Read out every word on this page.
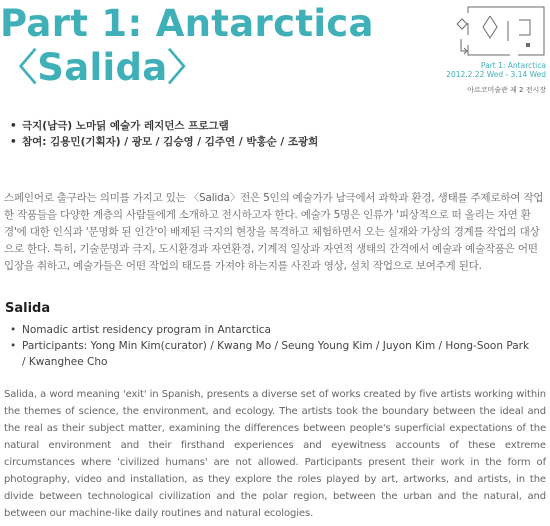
Part 1: Antarctica
〈Salida〉	Part 1: Antarctica
2012.2.22 Wed - 3.14 Wed
아르코미술관 제 2 전시장
• 극지(남극) 노마딝 예술가 레지던스 프로그램
• 참여: 김용민(기획자) / 광모 / 김승영 / 김주연 / 박홍순 / 조광희

스페인어로 출구라는 의미를 가지고 있는 〈Salida〉전은 5인의 예술가가 남극에서 과학과 환경, 생태를 주제로하여 작업한 작품들을 다양한 계층의 사람들에게 소개하고 전시하고자 한다. 예술가 5명은 인류가 '피상적으로 떠 올리는 자연 환경'에 대한 인식과 '문명화 된 인간'이 배제된 극지의 현장을 목격하고 체험하면서 오는 실재와 가상의 경계를 작업의 대상으로 한다. 특히, 기술문명과 극지, 도시환경과 자연환경, 기계적 일상과 자연적 생태의 간격에서 예술과 예술작품은 어떤 입장을 취하고, 예술가들은 어떤 작업의 태도를 가져야 하는지를 사진과 영상, 설치 작업으로 보여주게 된다.

Salida
• Nomadic artist residency program in Antarctica
• Participants: Yong Min Kim(curator) / Kwang Mo / Seung Young Kim / Juyon Kim / Hong-Soon Park / Kwanghee Cho

Salida, a word meaning 'exit' in Spanish, presents a diverse set of works created by five artists working within the themes of science, the environment, and ecology. The artists took the boundary between the ideal and the real as their subject matter, examining the differences between people's superficial expectations of the natural environment and their firsthand experiences and eyewitness accounts of these extreme circumstances where 'civilized humans' are not allowed. Participants present their work in the form of photography, video and installation, as they explore the roles played by art, artworks, and artists, in the divide between technological civilization and the polar region, between the urban and the natural, and between our machine-like daily routines and natural ecologies.
